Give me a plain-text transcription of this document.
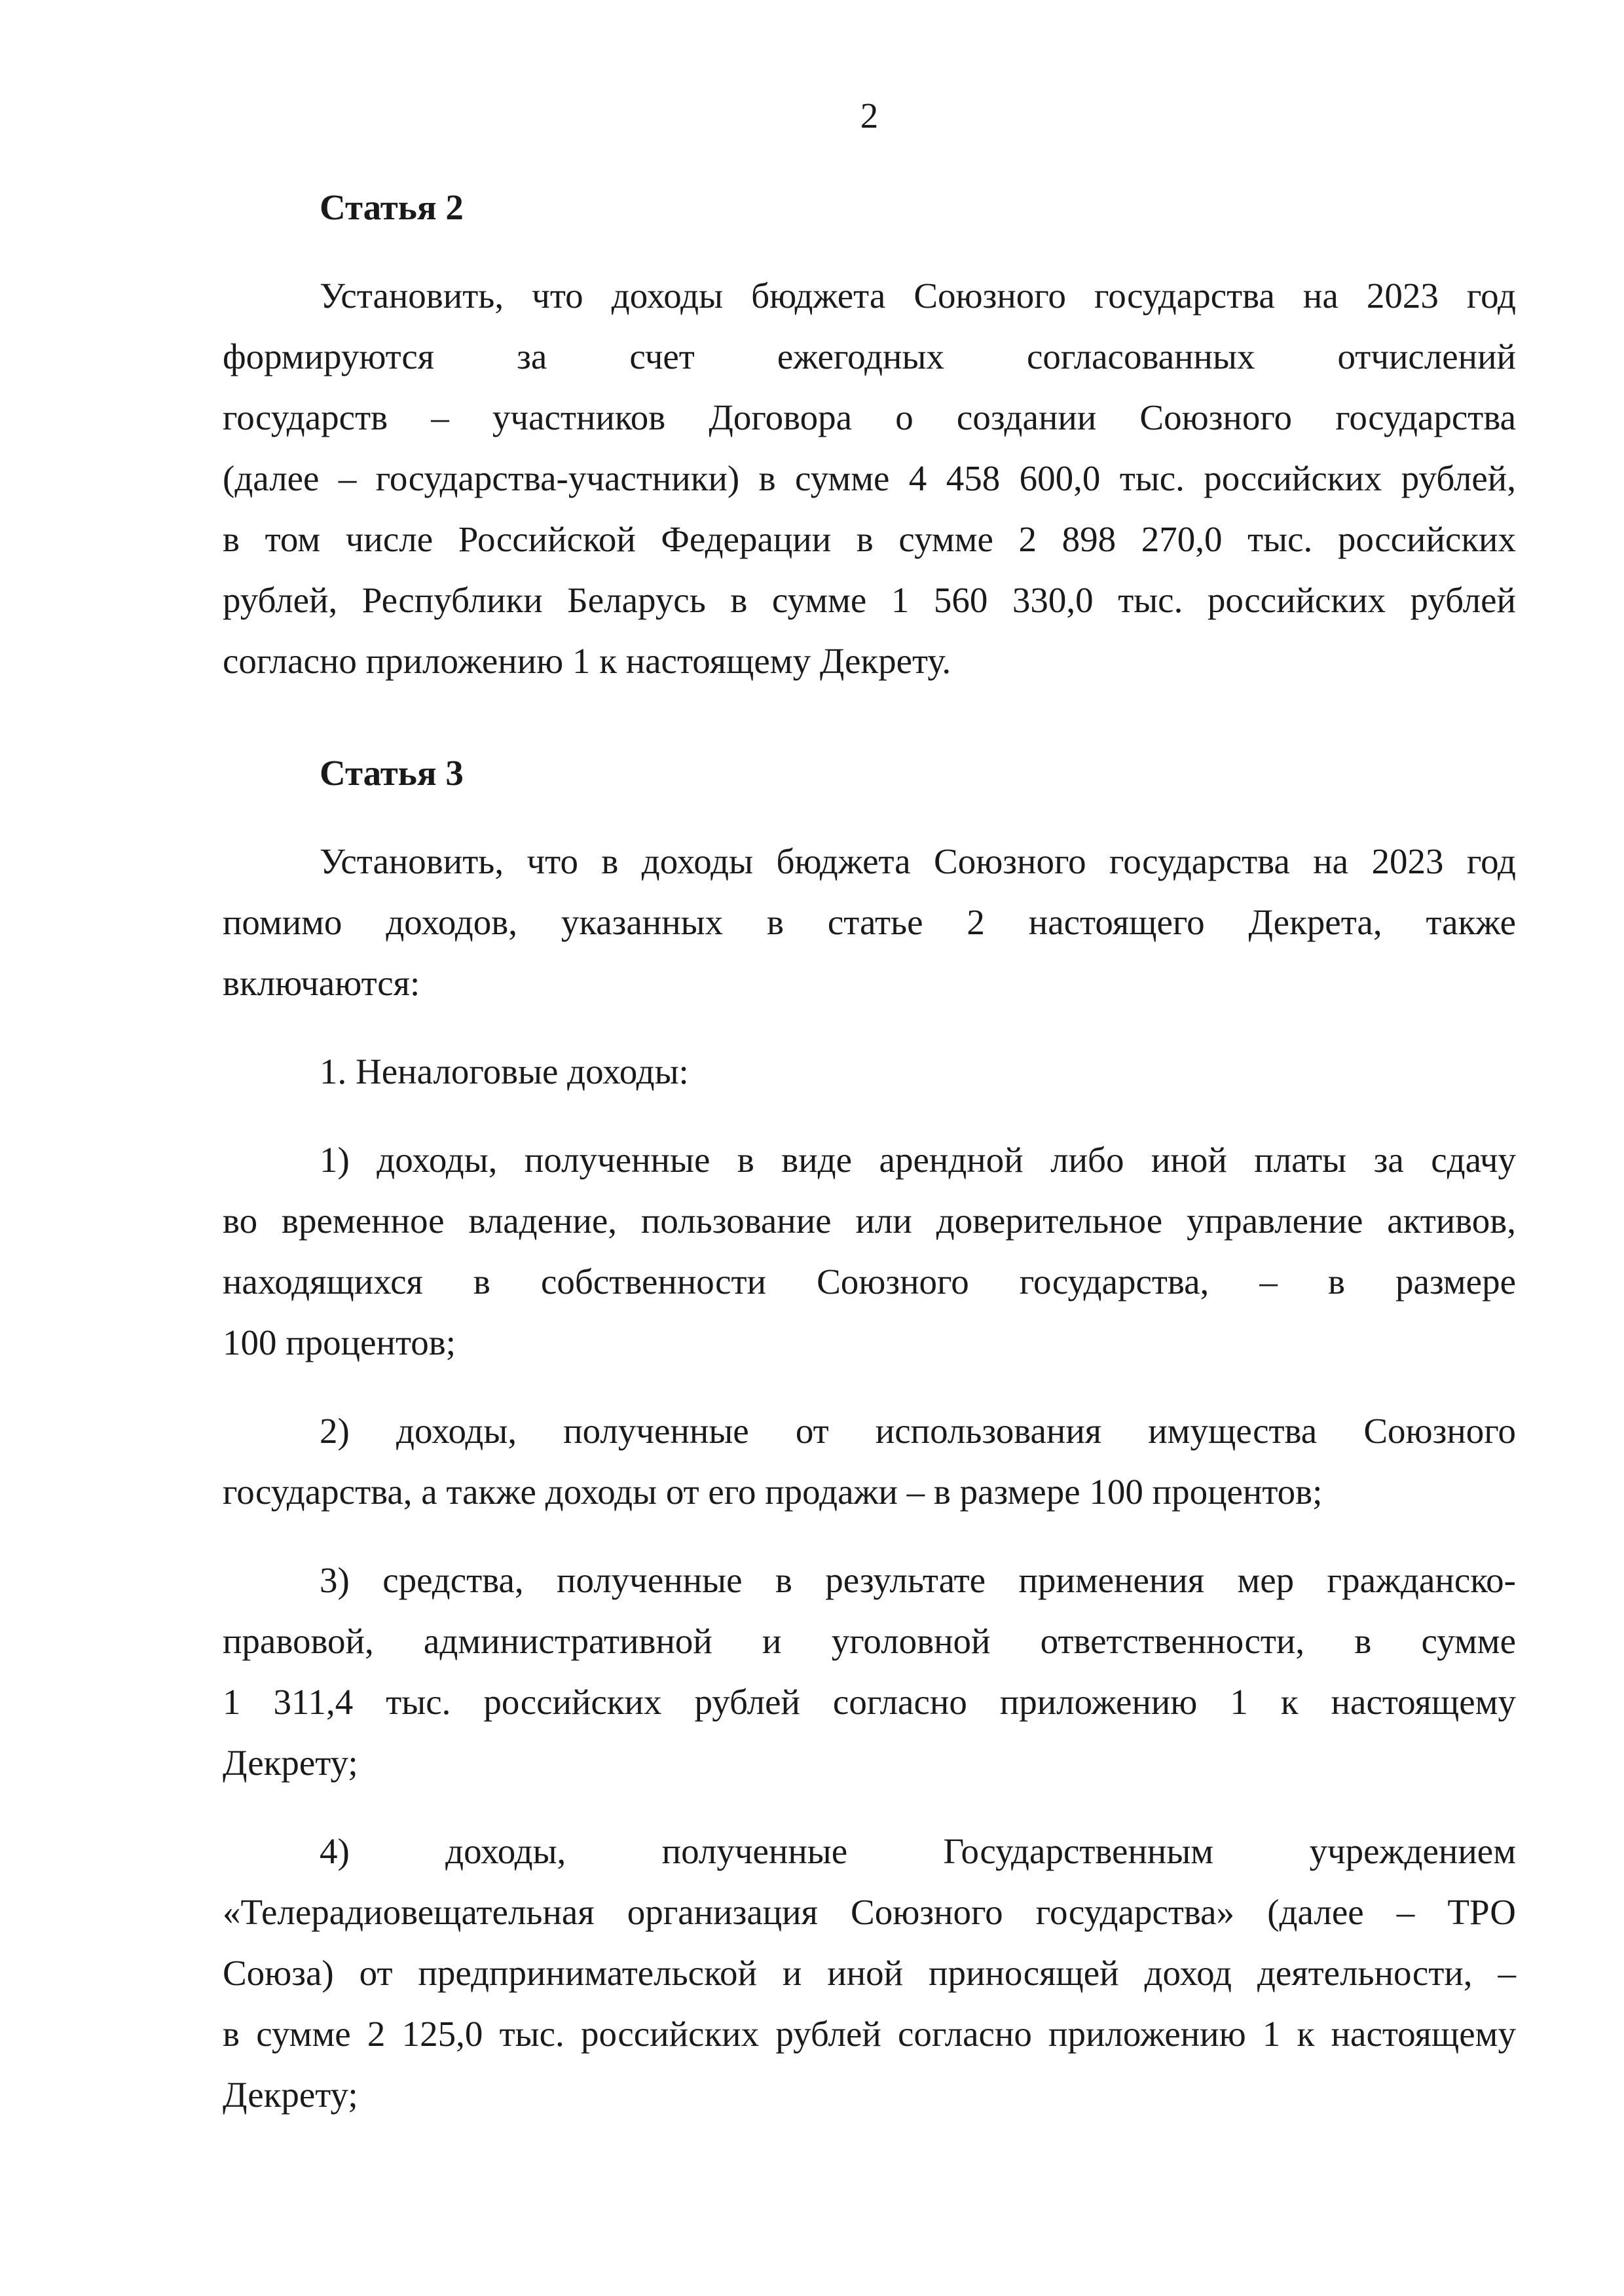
2
Статья 2
Установить, что доходы бюджета Союзного государства на 2023 год
формируются за счет ежегодных согласованных отчислений
государств – участников Договора о создании Союзного государства
(далее – государства-участники) в сумме 4 458 600,0 тыс. российских рублей,
в том числе Российской Федерации в сумме 2 898 270,0 тыс. российских
рублей, Республики Беларусь в сумме 1 560 330,0 тыс. российских рублей
согласно приложению 1 к настоящему Декрету.
Статья 3
Установить, что в доходы бюджета Союзного государства на 2023 год
помимо доходов, указанных в статье 2 настоящего Декрета, также
включаются:
1. Неналоговые доходы:
1) доходы, полученные в виде арендной либо иной платы за сдачу
во временное владение, пользование или доверительное управление активов,
находящихся в собственности Союзного государства, – в размере
100 процентов;
2) доходы, полученные от использования имущества Союзного
государства, а также доходы от его продажи – в размере 100 процентов;
3) средства, полученные в результате применения мер гражданско-
правовой, административной и уголовной ответственности, в сумме
1 311,4 тыс. российских рублей согласно приложению 1 к настоящему
Декрету;
4) доходы, полученные Государственным учреждением
«Телерадиовещательная организация Союзного государства» (далее – ТРО
Союза) от предпринимательской и иной приносящей доход деятельности, –
в сумме 2 125,0 тыс. российских рублей согласно приложению 1 к настоящему
Декрету;
